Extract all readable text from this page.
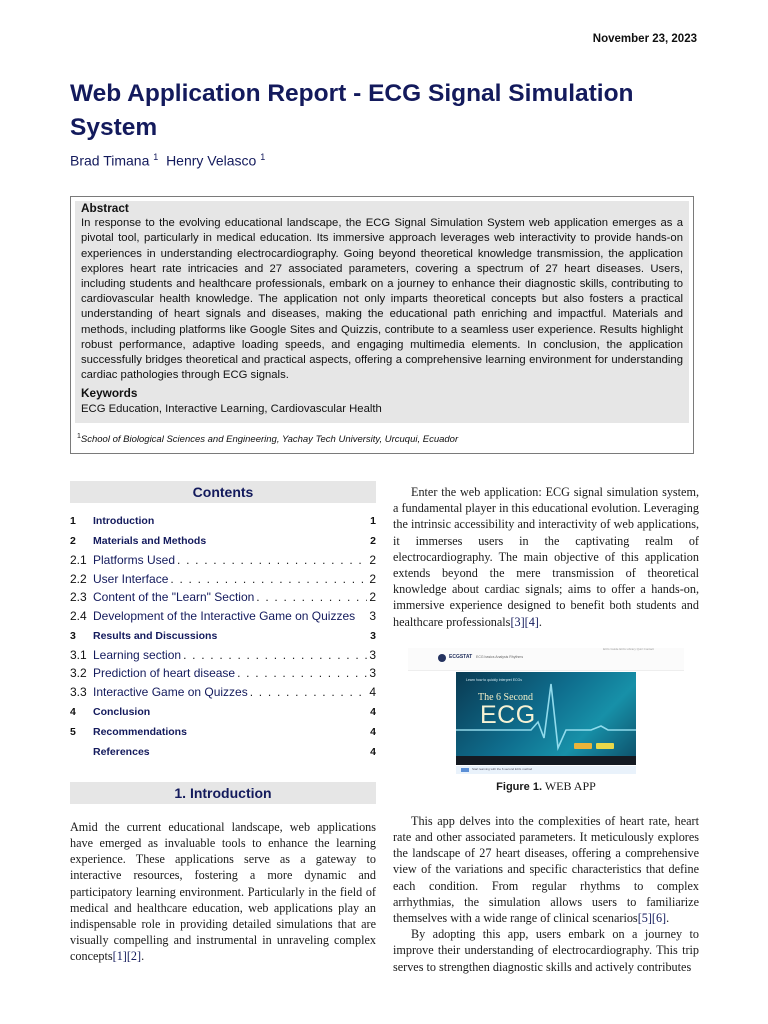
November 23, 2023
Web Application Report - ECG Signal Simulation System
Brad Timana $^1$ Henry Velasco $^1$
Abstract
In response to the evolving educational landscape, the ECG Signal Simulation System web application emerges as a pivotal tool, particularly in medical education. Its immersive approach leverages web interactivity to provide hands-on experiences in understanding electrocardiography. Going beyond theoretical knowledge transmission, the application explores heart rate intricacies and 27 associated parameters, covering a spectrum of 27 heart diseases. Users, including students and healthcare professionals, embark on a journey to enhance their diagnostic skills, contributing to cardiovascular health knowledge. The application not only imparts theoretical concepts but also fosters a practical understanding of heart signals and diseases, making the educational path enriching and impactful. Materials and methods, including platforms like Google Sites and Quizzis, contribute to a seamless user experience. Results highlight robust performance, adaptive loading speeds, and engaging multimedia elements. In conclusion, the application successfully bridges theoretical and practical aspects, offering a comprehensive learning environment for understanding cardiac pathologies through ECG signals.
Keywords
ECG Education, Interactive Learning, Cardiovascular Health
$^1$School of Biological Sciences and Engineering, Yachay Tech University, Urcuqui, Ecuador
Contents
1	Introduction	1
2	Materials and Methods	2
2.1 Platforms Used . . .	2
2.2 User Interface . . .	2
2.3 Content of the "Learn" Section . . .	2
2.4 Development of the Interactive Game on Quizzes 3
3	Results and Discussions	3
3.1 Learning section . . .	3
3.2 Prediction of heart disease . . .	3
3.3 Interactive Game on Quizzes . . .	4
4	Conclusion	4
5	Recommendations	4
References	4
1. Introduction

Amid the current educational landscape, web applications have emerged as invaluable tools to enhance the learning experience. These applications serve as a gateway to interactive resources, fostering a more dynamic and participatory learning environment. Particularly in the field of medical and healthcare education, web applications play an indispensable role in providing detailed simulations that are visually compelling and instrumental in unraveling complex concepts[1][2].

Enter the web application: ECG signal simulation system, a fundamental player in this educational evolution. Leveraging the intrinsic accessibility and interactivity of web applications, it immerses users in the captivating realm of electrocardiography. The main objective of this application extends beyond the mere transmission of theoretical knowledge about cardiac signals; aims to offer a hands-on, immersive experience designed to benefit both students and healthcare professionals[3][4].

ECG Guide ECG Library Quiz Contact
ECGSTAT ECG basics Analysis Rhythms
Learn how to quickly interpret ECGs
The 6 Second
ECG
Start learning with the 6 second ECG method
Figure 1. WEB APP

This app delves into the complexities of heart rate, heart rate and other associated parameters. It meticulously explores the landscape of 27 heart diseases, offering a comprehensive view of the variations and specific characteristics that define each condition. From regular rhythms to complex arrhythmias, the simulation allows users to familiarize themselves with a wide range of clinical scenarios[5][6].

By adopting this app, users embark on a journey to improve their understanding of electrocardiography. This trip serves to strengthen diagnostic skills and actively contributes
